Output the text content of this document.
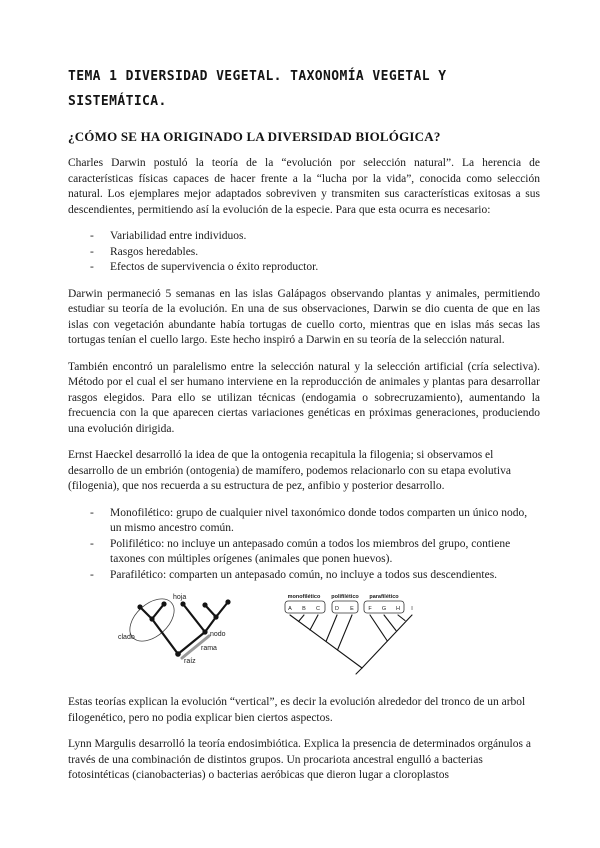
TEMA 1 DIVERSIDAD VEGETAL. TAXONOMÍA VEGETAL Y SISTEMÁTICA.
¿CÓMO SE HA ORIGINADO LA DIVERSIDAD BIOLÓGICA?

Charles Darwin postuló la teoría de la “evolución por selección natural”. La herencia de características físicas capaces de hacer frente a la “lucha por la vida”, conocida como selección natural. Los ejemplares mejor adaptados sobreviven y transmiten sus características exitosas a sus descendientes, permitiendo así la evolución de la especie. Para que esta ocurra es necesario:

-	Variabilidad entre individuos.
-	Rasgos heredables.
-	Efectos de supervivencia o éxito reproductor.

Darwin permaneció 5 semanas en las islas Galápagos observando plantas y animales, permitiendo estudiar su teoría de la evolución. En una de sus observaciones, Darwin se dio cuenta de que en las islas con vegetación abundante había tortugas de cuello corto, mientras que en islas más secas las tortugas tenían el cuello largo. Este hecho inspiró a Darwin en su teoría de la selección natural.

También encontró un paralelismo entre la selección natural y la selección artificial (cría selectiva). Método por el cual el ser humano interviene en la reproducción de animales y plantas para desarrollar rasgos elegidos. Para ello se utilizan técnicas (endogamia o sobrecruzamiento), aumentando la frecuencia con la que aparecen ciertas variaciones genéticas en próximas generaciones, produciendo una evolución dirigida.

Ernst Haeckel desarrolló la idea de que la ontogenia recapitula la filogenia; si observamos el desarrollo de un embrión (ontogenia) de mamífero, podemos relacionarlo con su etapa evolutiva (filogenia), que nos recuerda a su estructura de pez, anfibio y posterior desarrollo.

-	Monofilético: grupo de cualquier nivel taxonómico donde todos comparten un único nodo, un mismo ancestro común.
-	Polifilético: no incluye un antepasado común a todos los miembros del grupo, contiene taxones con múltiples orígenes (animales que ponen huevos).
-	Parafilético: comparten un antepasado común, no incluye a todos sus descendientes.
hoja
clado	nodo
rama
raíz
monofilético polifilético parafilético
A B C	D E	F G H I

Estas teorías explican la evolución “vertical”, es decir la evolución alrededor del tronco de un arbol filogenético, pero no podia explicar bien ciertos aspectos.

Lynn Margulis desarrolló la teoría endosimbiótica. Explica la presencia de determinados orgánulos a través de una combinación de distintos grupos. Un procariota ancestral engulló a bacterias fotosintéticas (cianobacterias) o bacterias aeróbicas que dieron lugar a cloroplastos
